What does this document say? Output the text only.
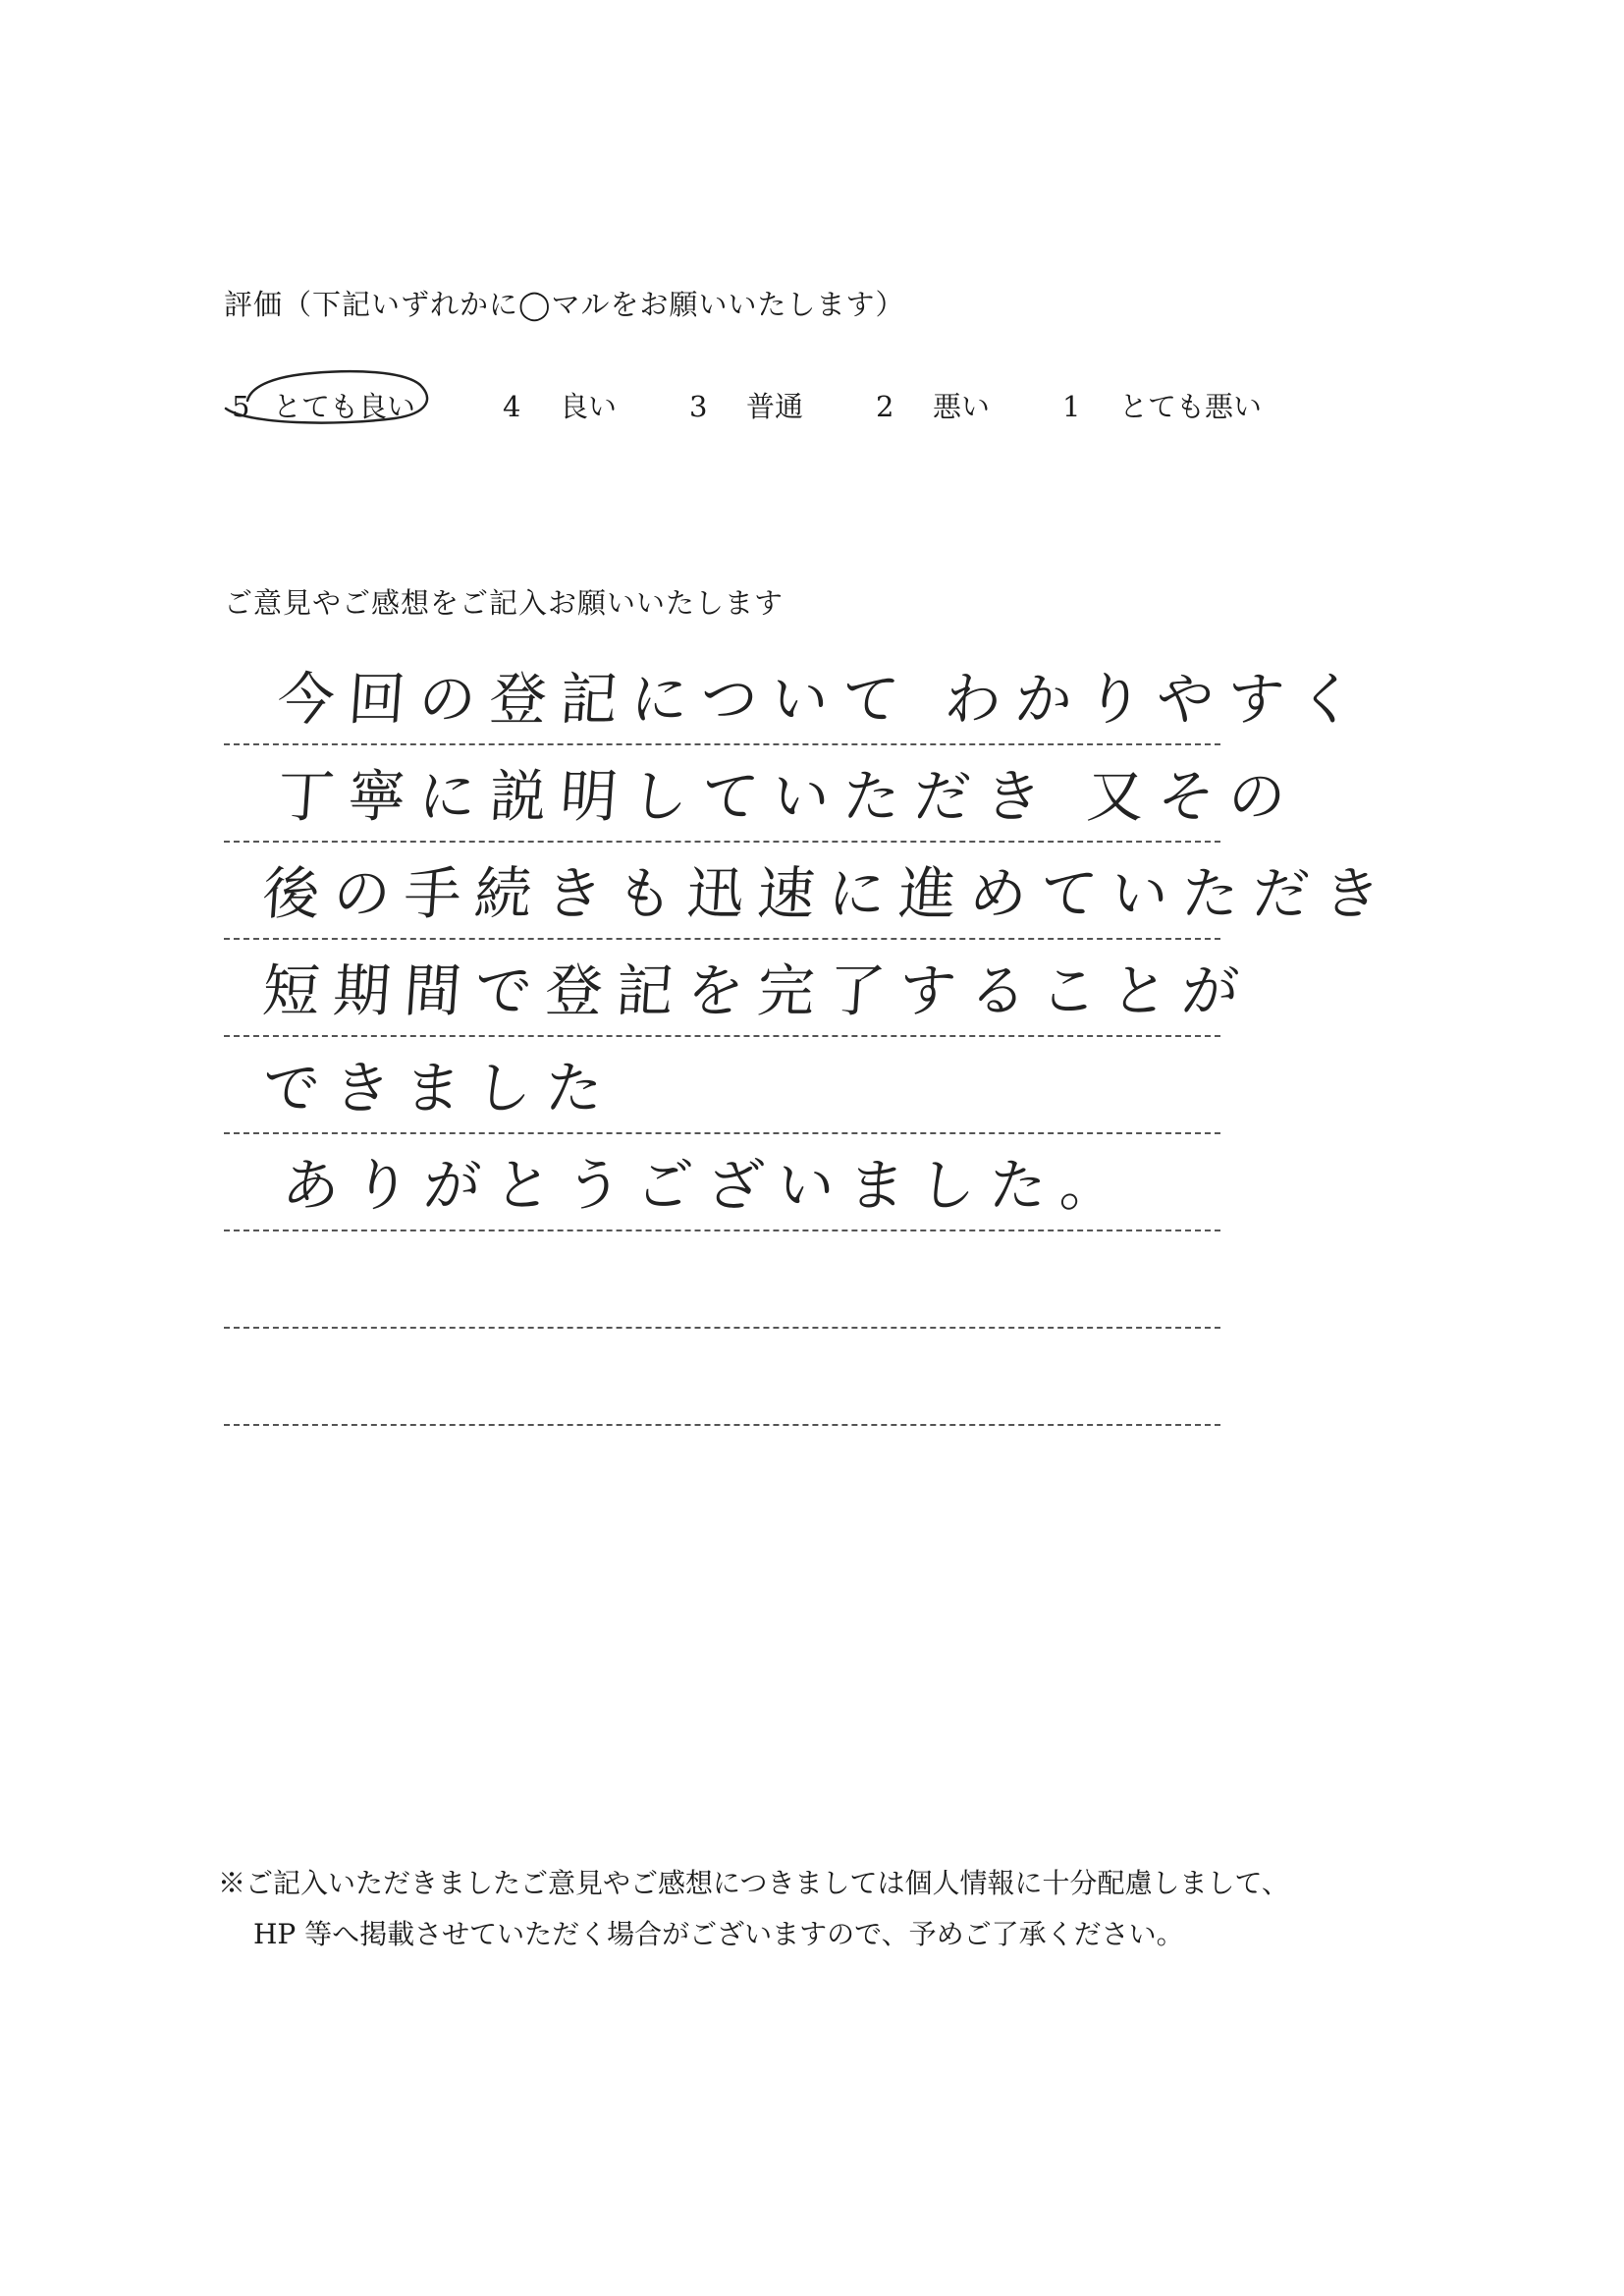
評価（下記いずれかに◯マルをお願いいたします）
5 とても良い	4 良い	3 普通	2 悪い	1 とても悪い
ご意見やご感想をご記入お願いいたします
今回の登記について わかりやすく
丁寧に説明していただき 又その
後の手続きも迅速に進めていただき
短期間で登記を完了することが
できました
ありがとうございました。
※ご記入いただきましたご意見やご感想につきましては個人情報に十分配慮しまして、
HP 等へ掲載させていただく場合がございますので、予めご了承ください。
